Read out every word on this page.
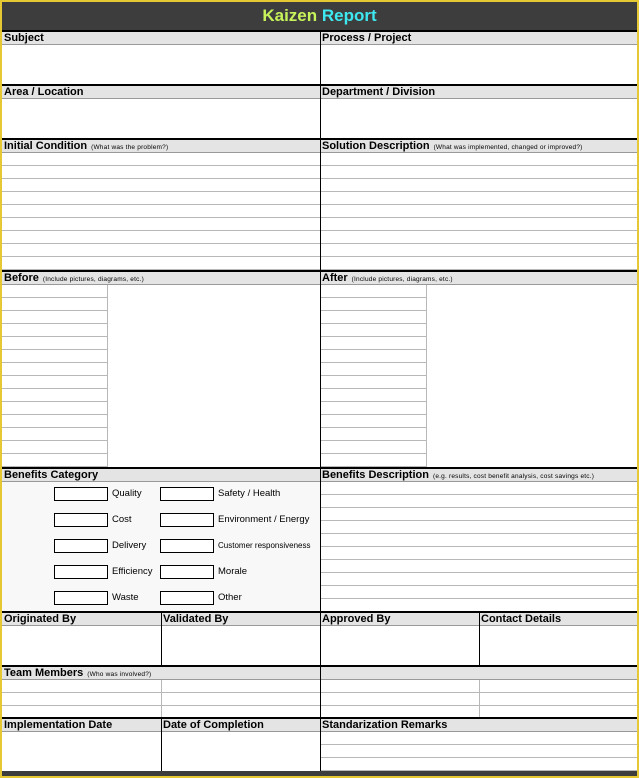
Kaizen Report
Subject	Process / Project
Area / Location	Department / Division
Initial Condition (What was the problem?)	Solution Description (What was implemented, changed or improved?)
Before (Include pictures, diagrams, etc.)	After (Include pictures, diagrams, etc.)
Benefits Category	Benefits Description (e.g. results, cost benefit analysis, cost savings etc.)
Quality	Safety / Health
Cost	Environment / Energy
Delivery	Customer responsiveness
Efficiency	Morale
Waste	Other
Originated By	Validated By	Approved By	Contact Details
Team Members (Who was involved?)
Implementation Date	Date of Completion	Standarization Remarks
